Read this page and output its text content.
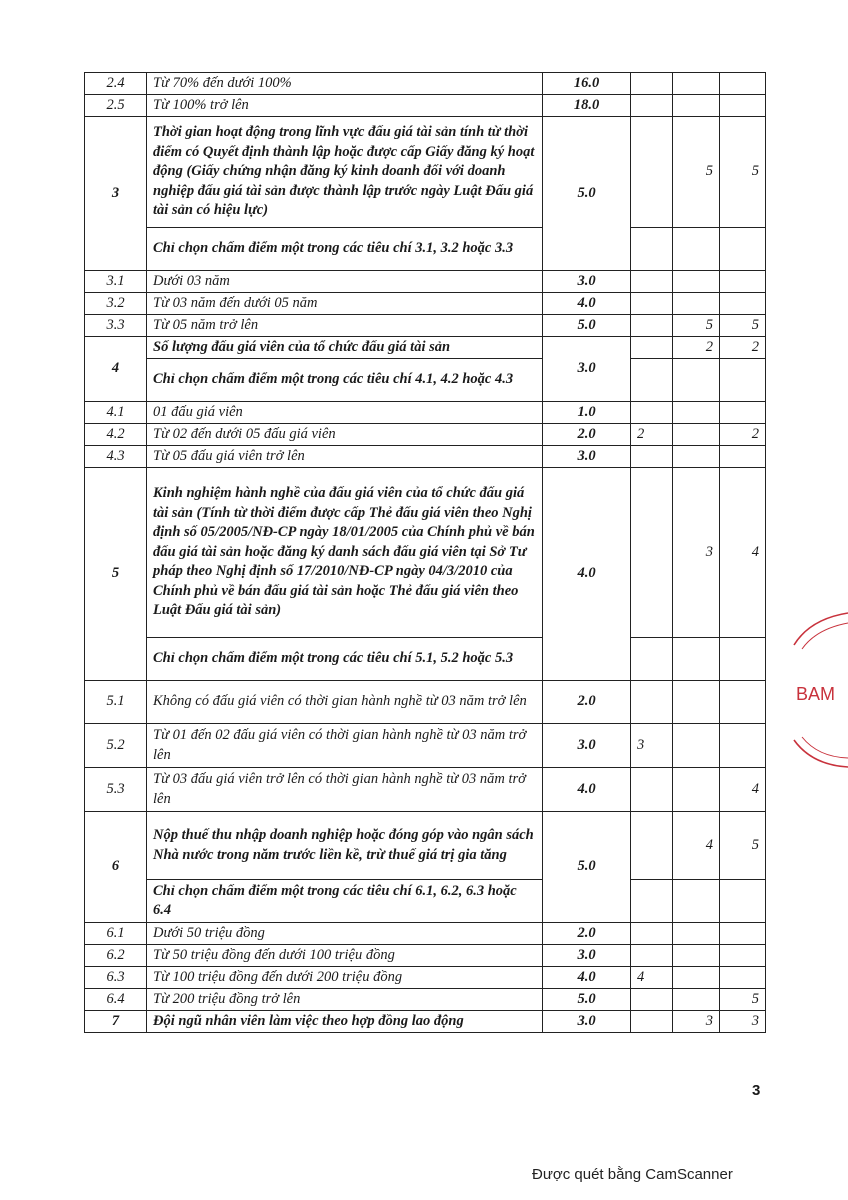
2.4	Từ 70% đến dưới 100%	16.0			
2.5	Từ 100% trở lên	18.0			
3	Thời gian hoạt động trong lĩnh vực đấu giá tài sản tính từ thời điểm có Quyết định thành lập hoặc được cấp Giấy đăng ký hoạt động (Giấy chứng nhận đăng ký kinh doanh đối với doanh nghiệp đấu giá tài sản được thành lập trước ngày Luật Đấu giá tài sản có hiệu lực)	5.0		5	5
	Chỉ chọn chấm điểm một trong các tiêu chí 3.1, 3.2 hoặc 3.3				
3.1	Dưới 03 năm	3.0			
3.2	Từ 03 năm đến dưới 05 năm	4.0			
3.3	Từ 05 năm trở lên	5.0		5	5
4	Số lượng đấu giá viên của tổ chức đấu giá tài sản	3.0		2	2
	Chỉ chọn chấm điểm một trong các tiêu chí 4.1, 4.2 hoặc 4.3				
4.1	01 đấu giá viên	1.0			
4.2	Từ 02 đến dưới 05 đấu giá viên	2.0	2		2
4.3	Từ 05 đấu giá viên trở lên	3.0			
5	Kinh nghiệm hành nghề của đấu giá viên của tổ chức đấu giá tài sản (Tính từ thời điểm được cấp Thẻ đấu giá viên theo Nghị định số 05/2005/NĐ-CP ngày 18/01/2005 của Chính phủ về bán đấu giá tài sản hoặc đăng ký danh sách đấu giá viên tại Sở Tư pháp theo Nghị định số 17/2010/NĐ-CP ngày 04/3/2010 của Chính phủ về bán đấu giá tài sản hoặc Thẻ đấu giá viên theo Luật Đấu giá tài sản)	4.0		3	4
	Chỉ chọn chấm điểm một trong các tiêu chí 5.1, 5.2 hoặc 5.3				
5.1	Không có đấu giá viên có thời gian hành nghề từ 03 năm trở lên	2.0			
5.2	Từ 01 đến 02 đấu giá viên có thời gian hành nghề từ 03 năm trở lên	3.0	3		
5.3	Từ 03 đấu giá viên trở lên có thời gian hành nghề từ 03 năm trở lên	4.0			4
6	Nộp thuế thu nhập doanh nghiệp hoặc đóng góp vào ngân sách Nhà nước trong năm trước liền kề, trừ thuế giá trị gia tăng	5.0		4	5
	Chỉ chọn chấm điểm một trong các tiêu chí 6.1, 6.2, 6.3 hoặc 6.4				
6.1	Dưới 50 triệu đồng	2.0			
6.2	Từ 50 triệu đồng đến dưới 100 triệu đồng	3.0			
6.3	Từ 100 triệu đồng đến dưới 200 triệu đồng	4.0	4		
6.4	Từ 200 triệu đồng trở lên	5.0			5
7	Đội ngũ nhân viên làm việc theo hợp đồng lao động	3.0		3	3
BAM
3
Được quét bằng CamScanner
